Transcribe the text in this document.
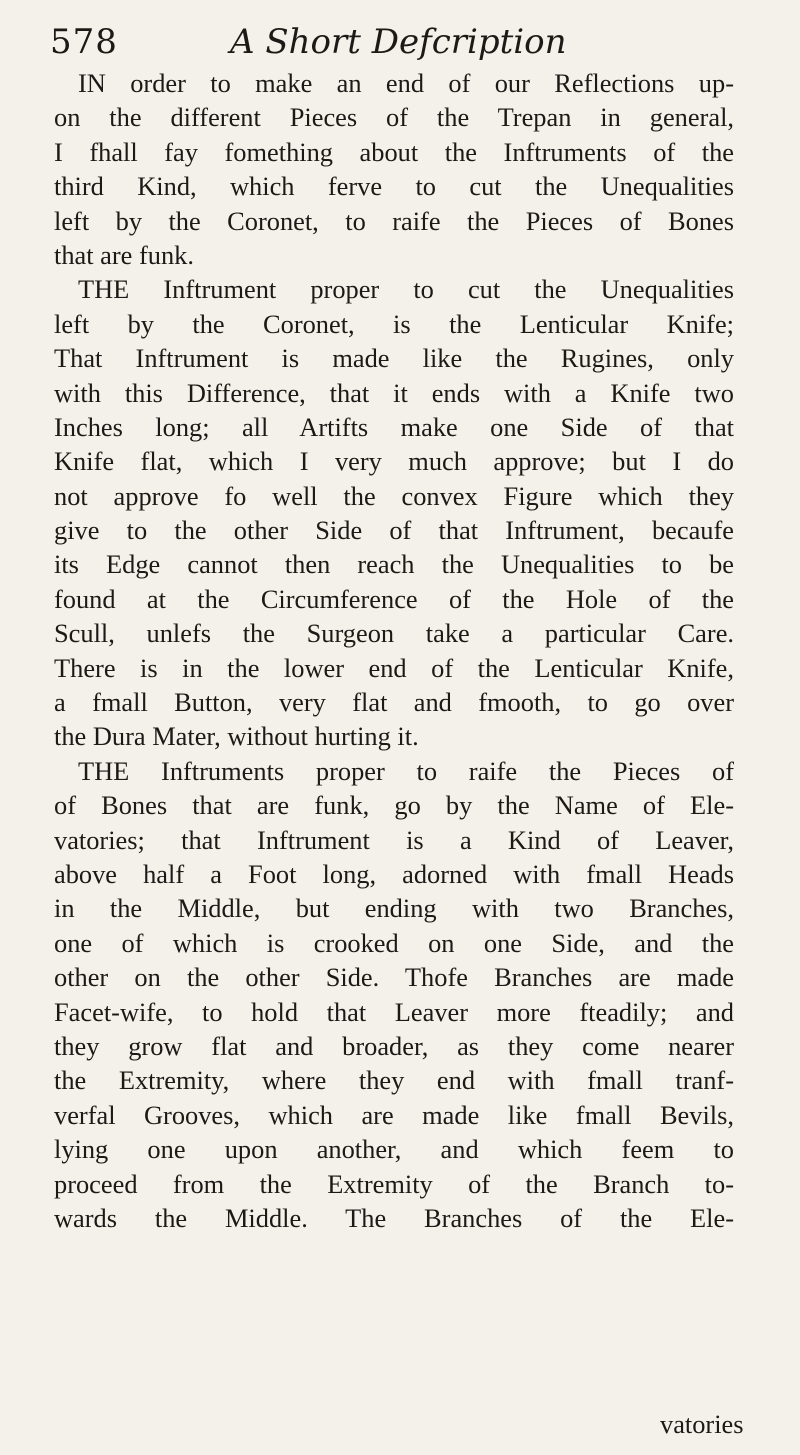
578	A Short Defcription
IN order to make an end of our Reflections up-
on the different Pieces of the Trepan in general,
I fhall fay fomething about the Inftruments of the
third Kind, which ferve to cut the Unequalities
left by the Coronet, to raife the Pieces of Bones
that are funk.
THE Inftrument proper to cut the Unequalities
left by the Coronet, is the Lenticular Knife;
That Inftrument is made like the Rugines, only
with this Difference, that it ends with a Knife two
Inches long; all Artifts make one Side of that
Knife flat, which I very much approve; but I do
not approve fo well the convex Figure which they
give to the other Side of that Inftrument, becaufe
its Edge cannot then reach the Unequalities to be
found at the Circumference of the Hole of the
Scull, unlefs the Surgeon take a particular Care.
There is in the lower end of the Lenticular Knife,
a fmall Button, very flat and fmooth, to go over
the Dura Mater, without hurting it.
THE Inftruments proper to raife the Pieces of
of Bones that are funk, go by the Name of Ele-
vatories; that Inftrument is a Kind of Leaver,
above half a Foot long, adorned with fmall Heads
in the Middle, but ending with two Branches,
one of which is crooked on one Side, and the
other on the other Side. Thofe Branches are made
Facet-wife, to hold that Leaver more fteadily; and
they grow flat and broader, as they come nearer
the Extremity, where they end with fmall tranf-
verfal Grooves, which are made like fmall Bevils,
lying one upon another, and which feem to
proceed from the Extremity of the Branch to-
wards the Middle. The Branches of the Ele-
vatories
